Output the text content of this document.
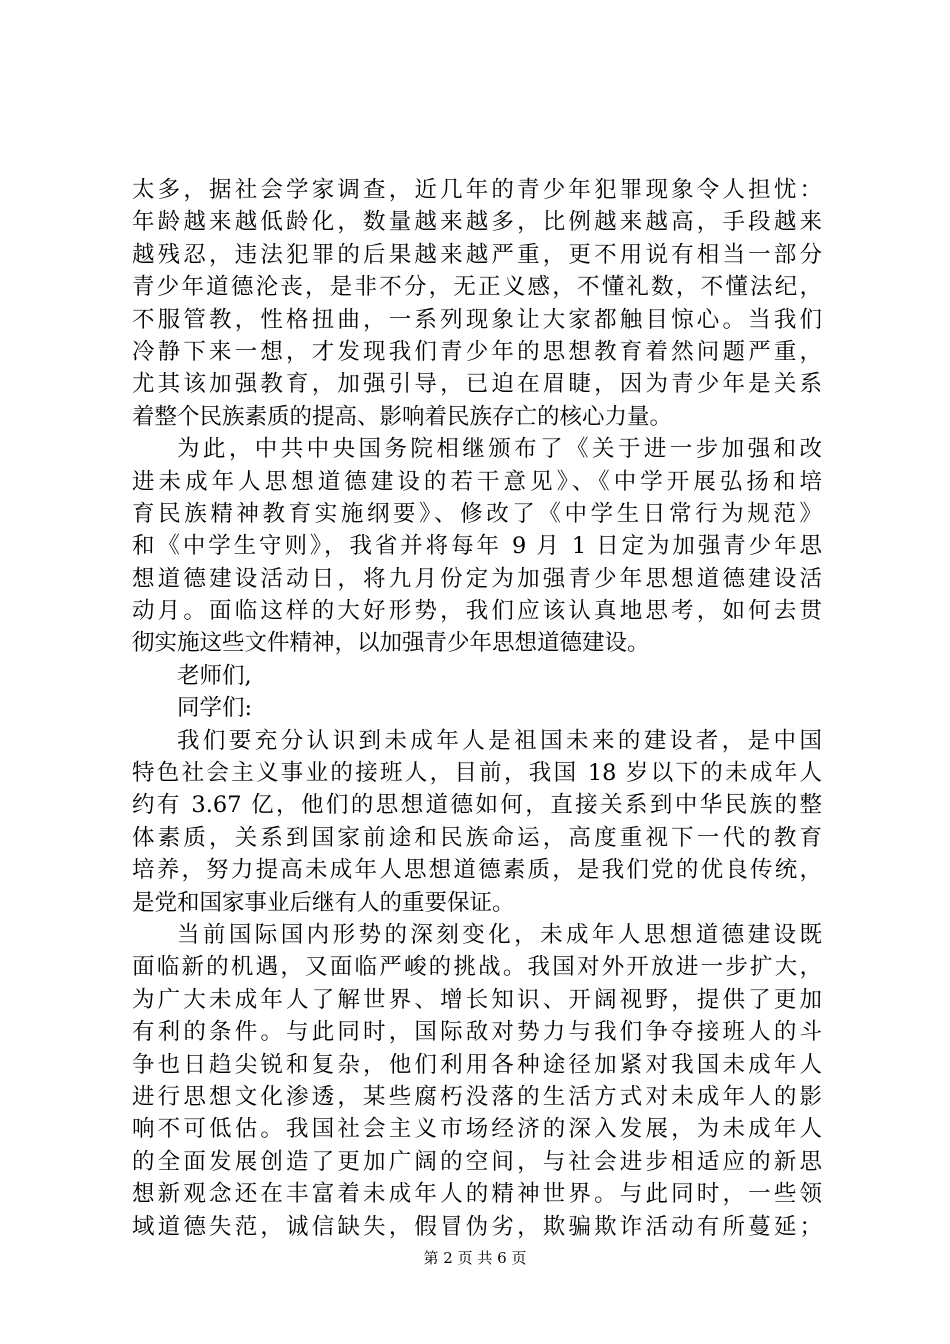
太多，据社会学家调查，近几年的青少年犯罪现象令人担忧：
年龄越来越低龄化，数量越来越多，比例越来越高，手段越来
越残忍，违法犯罪的后果越来越严重，更不用说有相当一部分
青少年道德沦丧，是非不分，无正义感，不懂礼数，不懂法纪，
不服管教，性格扭曲，一系列现象让大家都触目惊心。当我们
冷静下来一想，才发现我们青少年的思想教育着然问题严重，
尤其该加强教育，加强引导，已迫在眉睫，因为青少年是关系
着整个民族素质的提高、影响着民族存亡的核心力量。
为此，中共中央国务院相继颁布了《关于进一步加强和改
进未成年人思想道德建设的若干意见》、《中学开展弘扬和培
育民族精神教育实施纲要》、修改了《中学生日常行为规范》
和《中学生守则》，我省并将每年 9 月 1 日定为加强青少年思
想道德建设活动日，将九月份定为加强青少年思想道德建设活
动月。面临这样的大好形势，我们应该认真地思考，如何去贯
彻实施这些文件精神，以加强青少年思想道德建设。
老师们,
同学们:
我们要充分认识到未成年人是祖国未来的建设者，是中国
特色社会主义事业的接班人，目前，我国 18 岁以下的未成年人
约有 3.67 亿，他们的思想道德如何，直接关系到中华民族的整
体素质，关系到国家前途和民族命运，高度重视下一代的教育
培养，努力提高未成年人思想道德素质，是我们党的优良传统，
是党和国家事业后继有人的重要保证。
当前国际国内形势的深刻变化，未成年人思想道德建设既
面临新的机遇，又面临严峻的挑战。我国对外开放进一步扩大，
为广大未成年人了解世界、增长知识、开阔视野，提供了更加
有利的条件。与此同时，国际敌对势力与我们争夺接班人的斗
争也日趋尖锐和复杂，他们利用各种途径加紧对我国未成年人
进行思想文化渗透，某些腐朽没落的生活方式对未成年人的影
响不可低估。我国社会主义市场经济的深入发展，为未成年人
的全面发展创造了更加广阔的空间，与社会进步相适应的新思
想新观念还在丰富着未成年人的精神世界。与此同时，一些领
域道德失范，诚信缺失，假冒伪劣，欺骗欺诈活动有所蔓延；
第 2 页 共 6 页
